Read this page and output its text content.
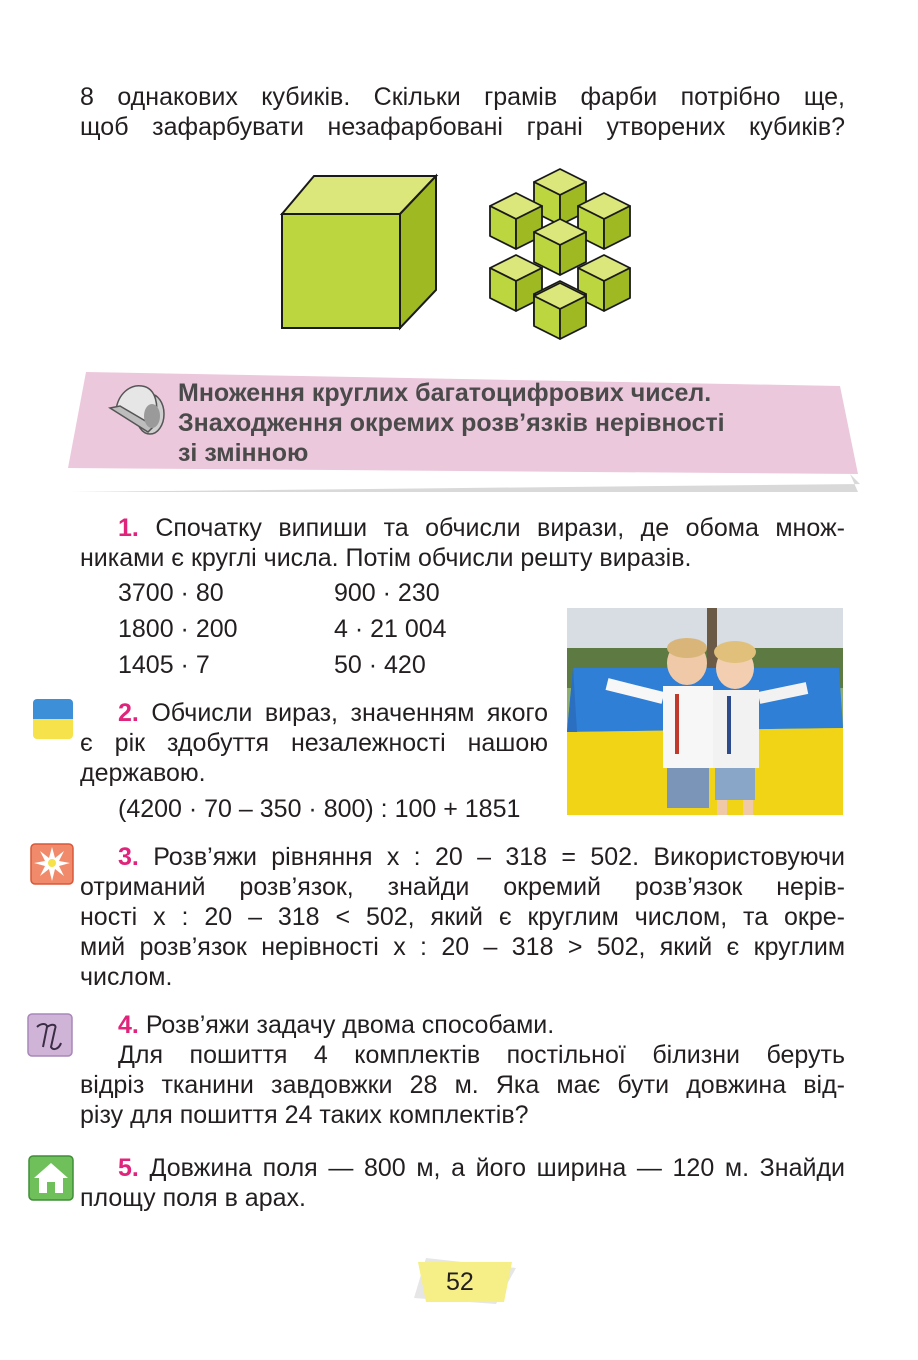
8 однакових кубиків. Скільки грамів фарби потрібно ще,
щоб зафарбувати незафарбовані грані утворених кубиків?
Множення круглих багатоцифрових чисел.
Знаходження окремих розв’язків нерівності
зі змінною
1. Спочатку випиши та обчисли вирази, де обома множ-
никами є круглі числа. Потім обчисли решту виразів.
3700 · 80
1800 · 200
1405 · 7
900 · 230
4 · 21 004
50 · 420
2. Обчисли вираз, значенням якого
є рік здобуття незалежності нашою
державою.
(4200 · 70 – 350 · 800) : 100 + 1851
3. Розв’яжи рівняння x : 20 – 318 = 502. Використовуючи
отриманий розв’язок, знайди окремий розв’язок нерів-
ності x : 20 – 318 < 502, який є круглим числом, та окре-
мий розв’язок нерівності x : 20 – 318 > 502, який є круглим
числом.
4. Розв’яжи задачу двома способами.
Для пошиття 4 комплектів постільної білизни беруть
відріз тканини завдовжки 28 м. Яка має бути довжина від-
різу для пошиття 24 таких комплектів?
5. Довжина поля — 800 м, а його ширина — 120 м. Знайди
площу поля в арах.
52
